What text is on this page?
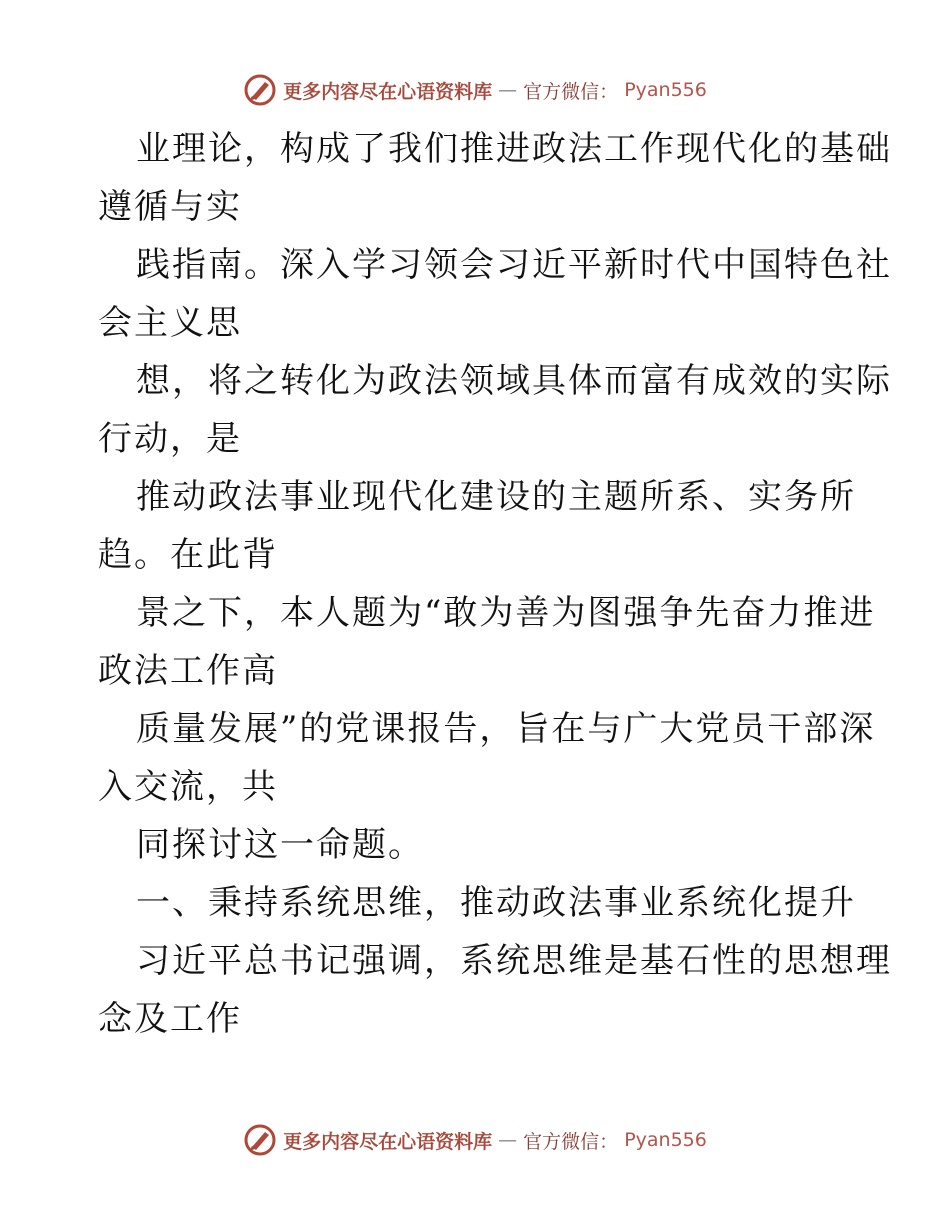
更多内容尽在心语资料库 — 官方微信： Pyan556
业理论，构成了我们推进政法工作现代化的基础
遵循与实
践指南。深入学习领会习近平新时代中国特色社
会主义思
想，将之转化为政法领域具体而富有成效的实际
行动，是
推动政法事业现代化建设的主题所系、实务所
趋。在此背
景之下，本人题为“敢为善为图强争先奋力推进
政法工作高
质量发展”的党课报告，旨在与广大党员干部深
入交流，共
同探讨这一命题。
一、秉持系统思维，推动政法事业系统化提升
习近平总书记强调，系统思维是基石性的思想理
念及工作
更多内容尽在心语资料库 — 官方微信： Pyan556
